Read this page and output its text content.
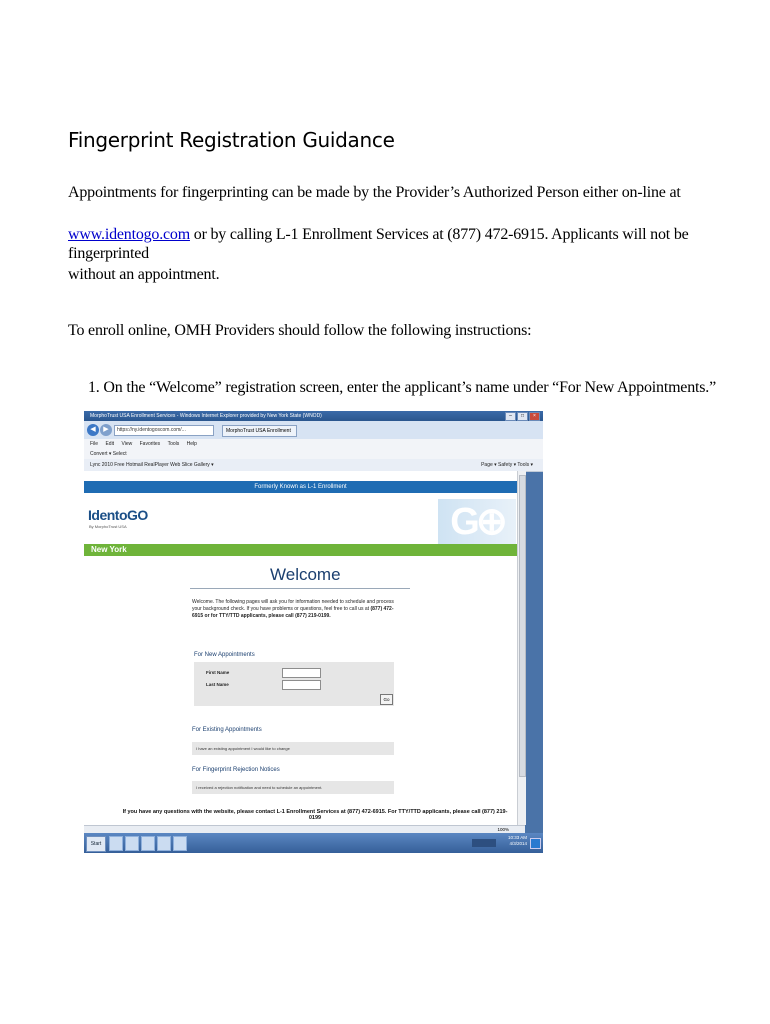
Fingerprint Registration Guidance
Appointments for fingerprinting can be made by the Provider’s Authorized Person either on-line at
www.identogo.com or by calling L-1 Enrollment Services at (877) 472-6915. Applicants will not be fingerprinted
without an appointment.
To enroll online, OMH Providers should follow the following instructions:
1. On the “Welcome” registration screen, enter the applicant’s name under “For New Appointments.”
MorphoTrust USA Enrollment Services - Windows Internet Explorer provided by New York State (WNOD)	–	□	×
◀	▶	https://ny.identogoscom.com/...	MorphoTrust USA Enrollment
File Edit View Favorites Tools Help
Convert ▾ Select
Lync 2010 Free Hotmail RealPlayer Web Slice Gallery ▾	Page ▾ Safety ▾ Tools ▾
Formerly Known as L-1 Enrollment
IdentoGO
By MorphoTrust USA	G⊕
New York
Welcome
Welcome. The following pages will ask you for information needed to schedule and process your background check. If you have problems or questions, feel free to call us at (877) 472-6915 or for TTY/TTD applicants, please call (877) 219-0199.
For New Appointments
First Name
Last Name
Go
For Existing Appointments
I have an existing appointment I would like to change
For Fingerprint Rejection Notices
I received a rejection notification and need to schedule an appointment.
If you have any questions with the website, please contact L-1 Enrollment Services at (877) 472-6915. For TTY/TTD applicants, please call (877) 219-0199
100%
Start
10:33 AM
4/3/2014
